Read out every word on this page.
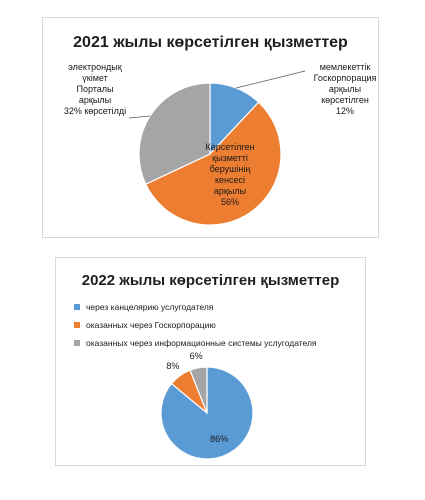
2021 жылы көрсетілген қызметтер
мемлекеттік Госкорпорация арқылы көрсетілген 12%
Көрсетілген қызметті берушінің кенсесі арқылы 56%
электрондық үкімет Порталы арқылы 32% көрсетілді
2022 жылы көрсетілген қызметтер
через канцелярию услугодателя
оказанных через Госкорпорацию
оказанных через информационные системы услугодателя
86%
8%
6%
